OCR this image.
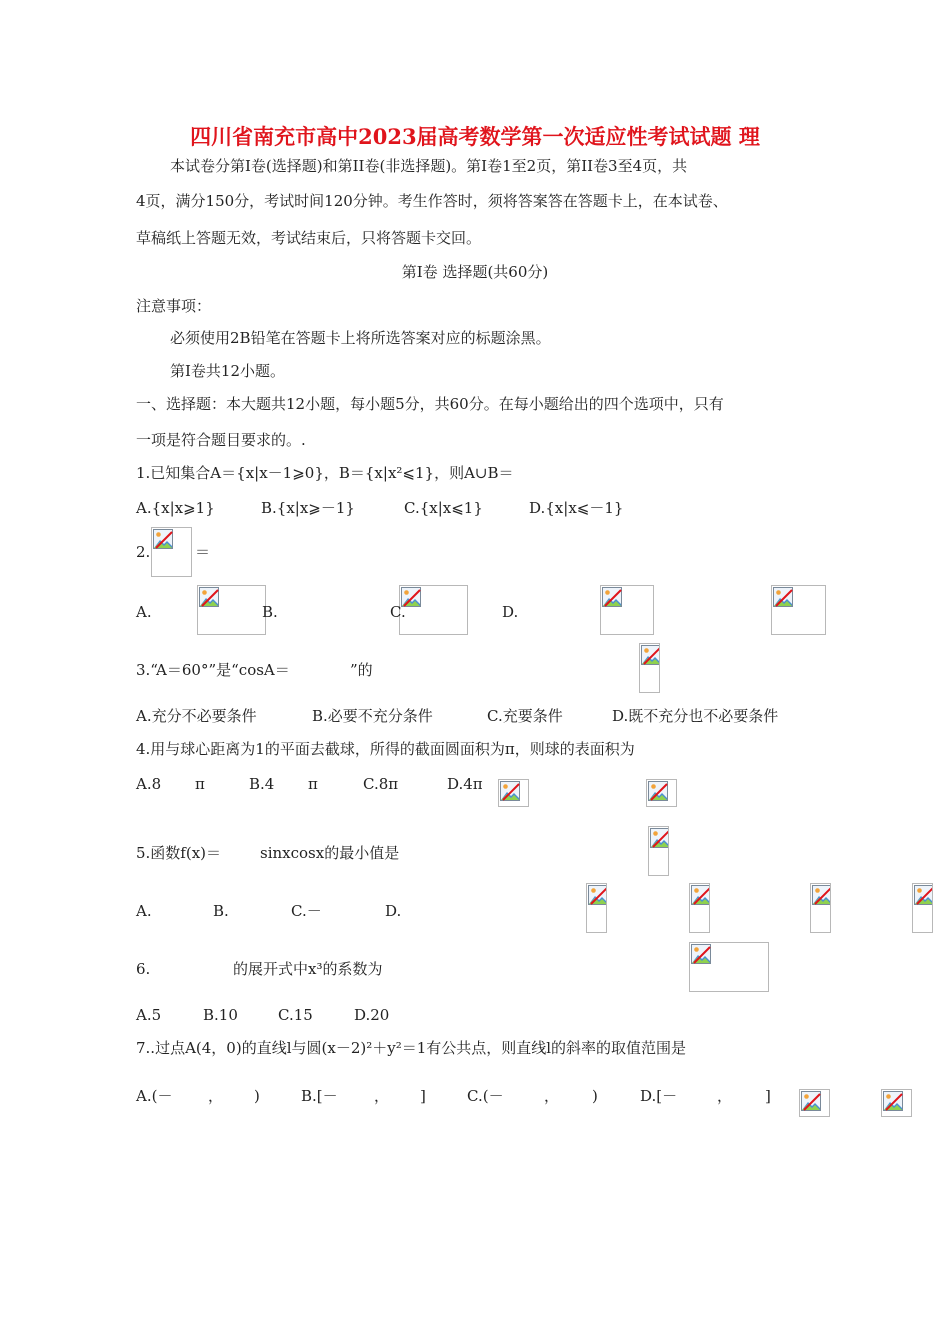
四川省南充市高中2023届高考数学第一次适应性考试试题 理
本试卷分第Ⅰ卷(选择题)和第II卷(非选择题)。第Ⅰ卷1至2页，第II卷3至4页，共
4页，满分150分，考试时间120分钟。考生作答时，须将答案答在答题卡上，在本试卷、
草稿纸上答题无效，考试结束后，只将答题卡交回。
第Ⅰ卷 选择题(共60分)
注意事项：
必须使用2B铅笔在答题卡上将所选答案对应的标题涂黑。
第Ⅰ卷共12小题。
一、选择题：本大题共12小题，每小题5分，共60分。在每小题给出的四个选项中，只有
一项是符合题目要求的。.
1.已知集合A＝{x|x－1⩾0}，B＝{x|x²⩽1}，则A∪B＝
A.{x|x⩾1}	B.{x|x⩾－1}	C.{x|x⩽1}	D.{x|x⩽－1}
2.
	＝
A.
	B.
	C.
	D.

3.“A＝60°”是“cosA＝
	”的
A.充分不必要条件	B.必要不充分条件	C.充要条件	D.既不充分也不必要条件
4.用与球心距离为1的平面去截球，所得的截面圆面积为π，则球的表面积为
A.8
π	B.4
π	C.8π	D.4π
5.函数f(x)＝
	sinxcosx的最小值是
A.
	B.
	C.－
	D.

6.
	的展开式中x³的系数为
A.5	B.10	C.15	D.20
7..过点A(4，0)的直线l与圆(x－2)²＋y²＝1有公共点，则直线l的斜率的取值范围是
A.(－
，
)	B.[－
，
]	C.(－
	，
)	D.[－
	， ]
